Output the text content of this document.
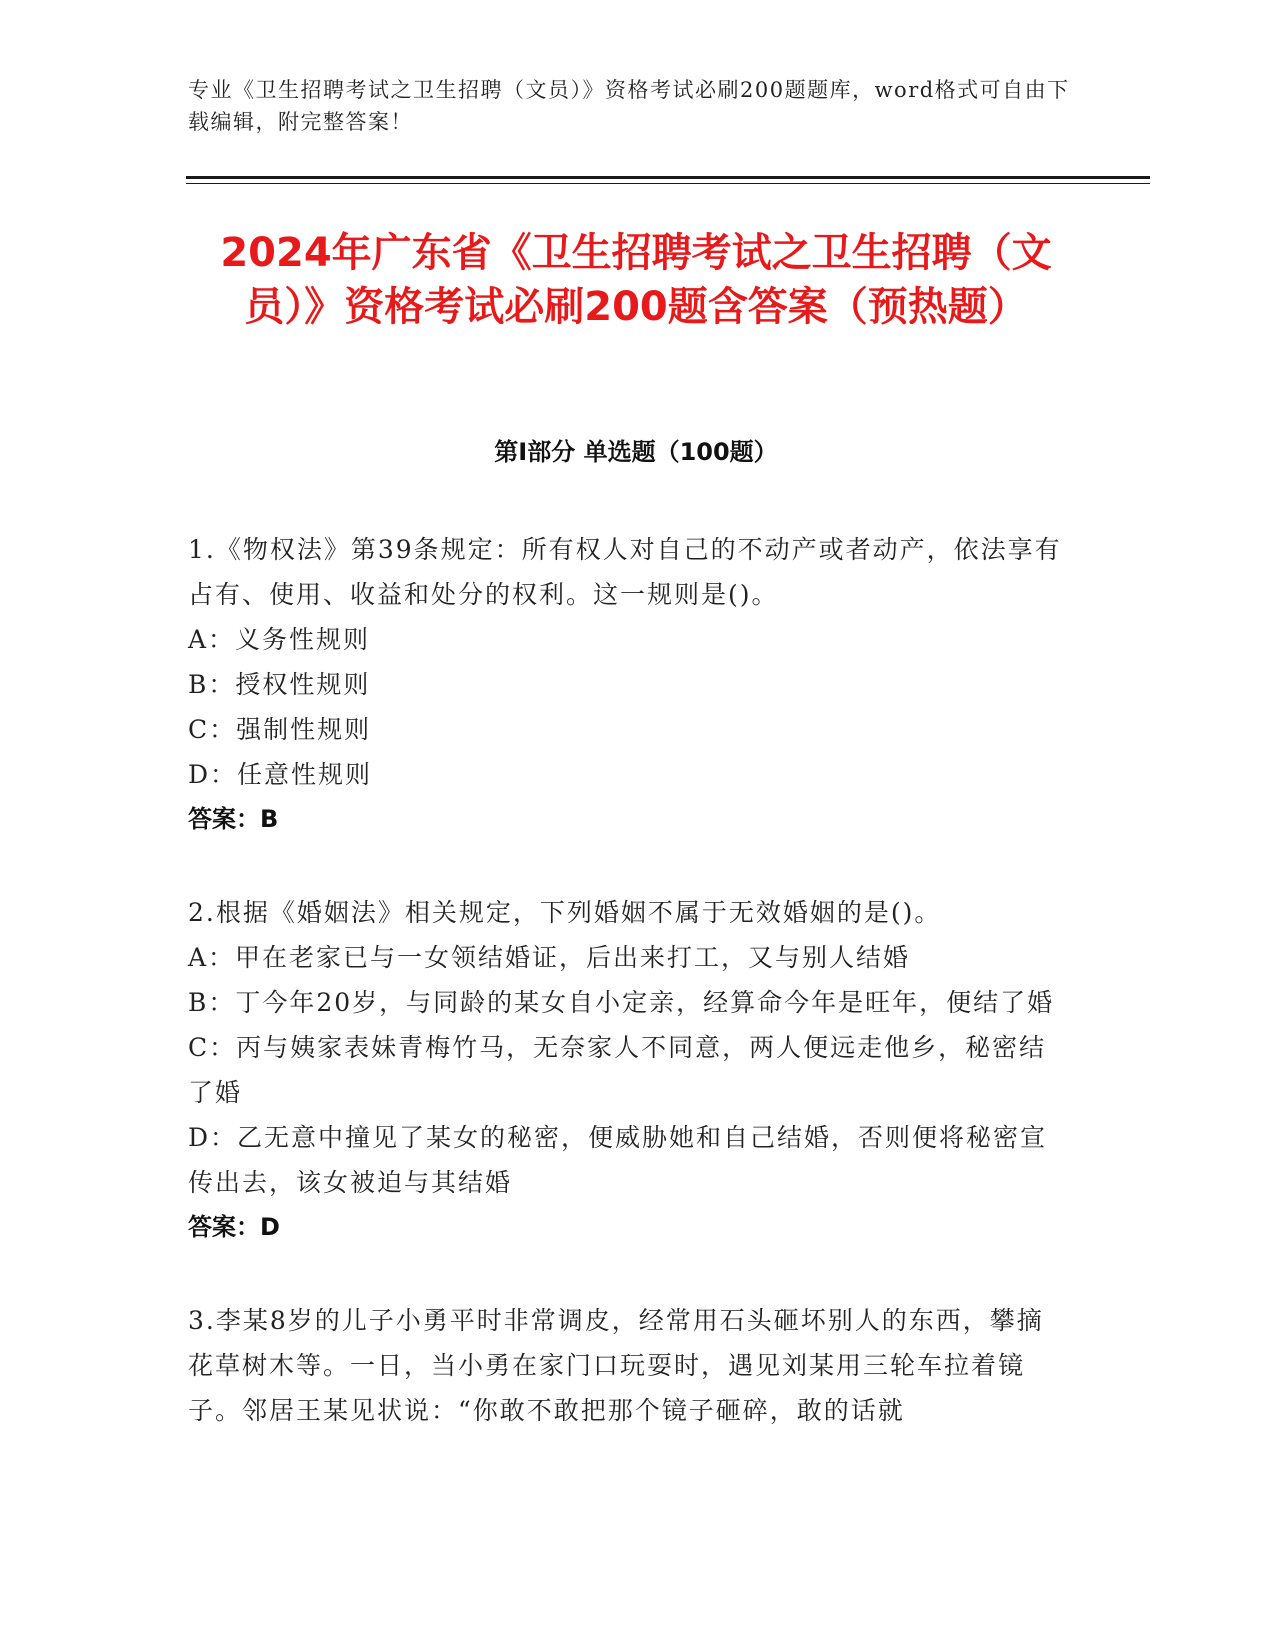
专业《卫生招聘考试之卫生招聘（文员）》资格考试必刷200题题库，word格式可自由下载编辑，附完整答案！
2024年广东省《卫生招聘考试之卫生招聘（文员）》资格考试必刷200题含答案（预热题）
第I部分 单选题（100题）
1.《物权法》第39条规定：所有权人对自己的不动产或者动产，依法享有占有、使用、收益和处分的权利。这一规则是()。
A：义务性规则
B：授权性规则
C：强制性规则
D：任意性规则
答案：B
2.根据《婚姻法》相关规定，下列婚姻不属于无效婚姻的是()。
A：甲在老家已与一女领结婚证，后出来打工，又与别人结婚
B：丁今年20岁，与同龄的某女自小定亲，经算命今年是旺年，便结了婚
C：丙与姨家表妹青梅竹马，无奈家人不同意，两人便远走他乡，秘密结了婚
D：乙无意中撞见了某女的秘密，便威胁她和自己结婚，否则便将秘密宣传出去，该女被迫与其结婚
答案：D
3.李某8岁的儿子小勇平时非常调皮，经常用石头砸坏别人的东西，攀摘花草树木等。一日，当小勇在家门口玩耍时，遇见刘某用三轮车拉着镜子。邻居王某见状说：“你敢不敢把那个镜子砸碎，敢的话就
